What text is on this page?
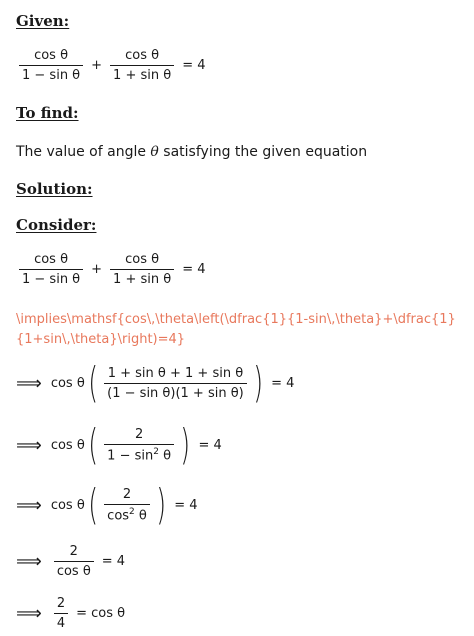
Given:
$\frac{\text{cos θ}}{\text{1 − sin θ}} + \frac{\text{cos θ}}{\text{1 + sin θ}} = 4$
To find:
The value of angle θ satisfying the given equation
Solution:
Consider:
$\frac{\text{cos θ}}{\text{1 − sin θ}} + \frac{\text{cos θ}}{\text{1 + sin θ}} = 4$
\implies\mathsf{cos\,\theta\left(\dfrac{1}{1-sin\,\theta}+\dfrac{1}{1+sin\,\theta}\right)=4}
⟹ cos θ ( $\frac{\text{1 + sin θ + 1 + sin θ}}{\text{(1 − sin θ)(1 + sin θ)}}$ ) = 4
⟹ cos θ ( $\frac{2}{1 - \sin^2 \theta}$ ) = 4
⟹ cos θ ( $\frac{2}{\cos^2 \theta}$ ) = 4
⟹ $\frac{2}{\text{cos θ}} = 4$
⟹ $\frac{2}{4} = \cos \theta$
